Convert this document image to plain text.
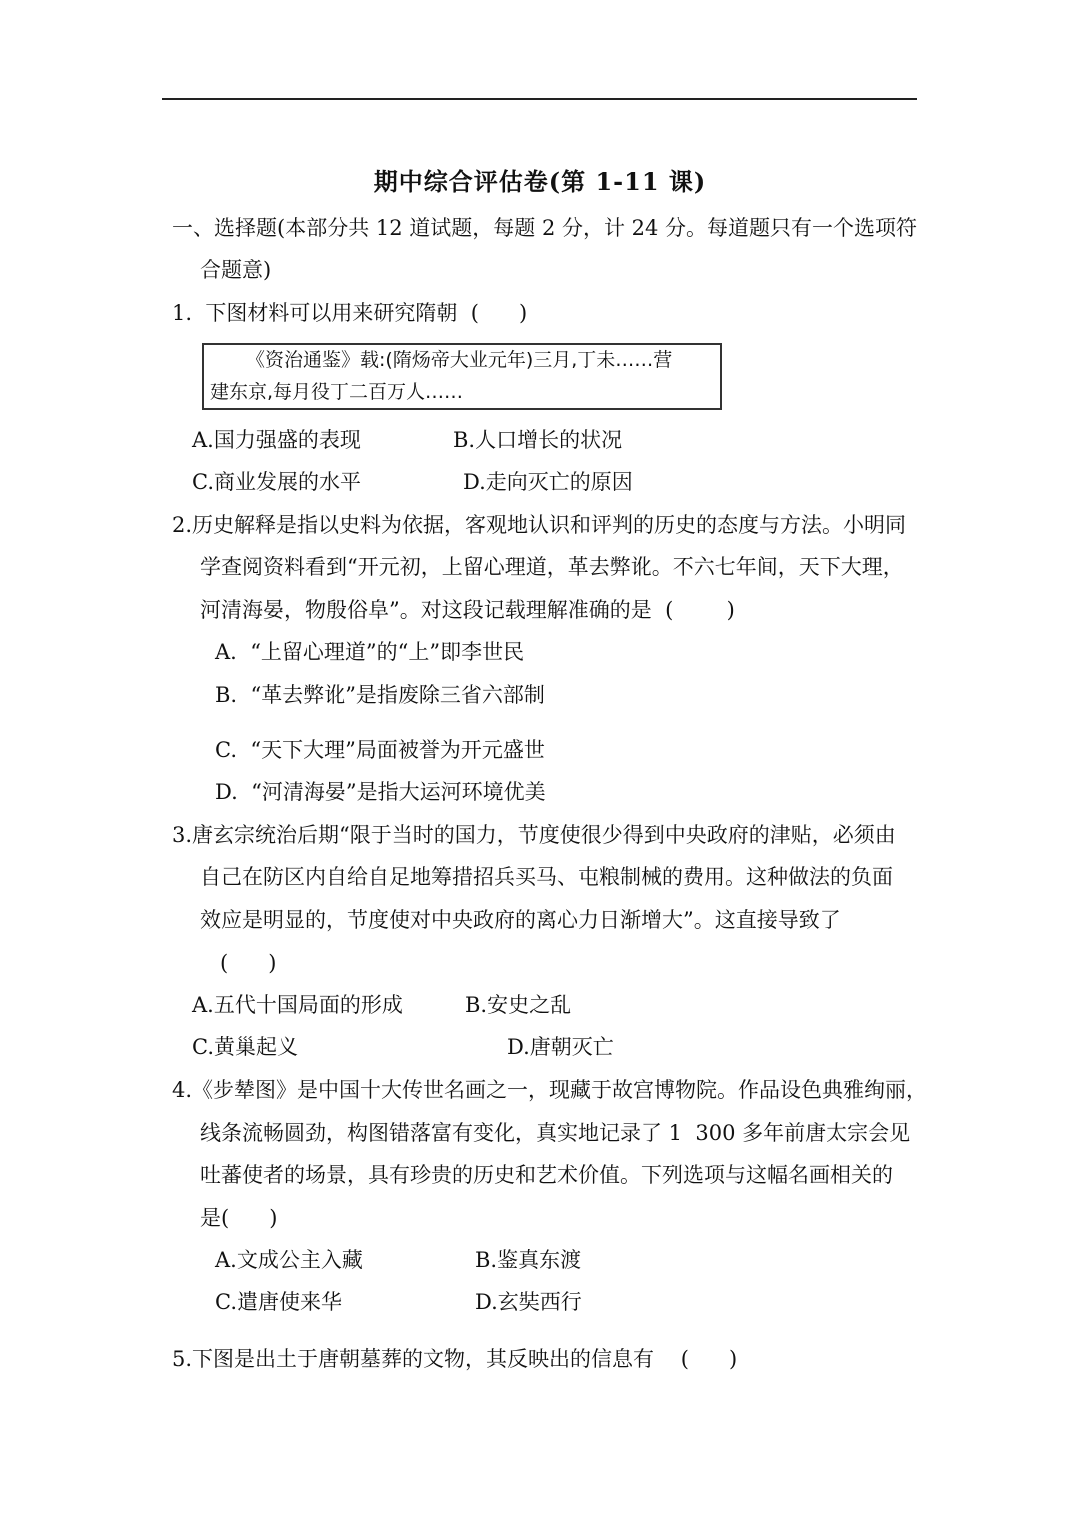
期中综合评估卷(第 1-11 课)
一、选择题(本部分共 12 道试题，每题 2 分，计 24 分。每道题只有一个选项符
合题意)
1.  下图材料可以用来研究隋朝  (      )
《资治通鉴》载:(隋炀帝大业元年)三月,丁未……营
建东京,每月役丁二百万人……
A.国力强盛的表现	B.人口增长的状况
C.商业发展的水平	D.走向灭亡的原因
2.历史解释是指以史料为依据，客观地认识和评判的历史的态度与方法。小明同
学查阅资料看到“开元初，上留心理道，革去弊讹。不六七年间，天下大理，
河清海晏，物殷俗阜”。对这段记载理解准确的是  (        )
A.  “上留心理道”的“上”即李世民
B.  “革去弊讹”是指废除三省六部制
C.  “天下大理”局面被誉为开元盛世
D.  “河清海晏”是指大运河环境优美
3.唐玄宗统治后期“限于当时的国力，节度使很少得到中央政府的津贴，必须由
自己在防区内自给自足地筹措招兵买马、屯粮制械的费用。这种做法的负面
效应是明显的，节度使对中央政府的离心力日渐增大”。这直接导致了
(      )
A.五代十国局面的形成	B.安史之乱
C.黄巢起义	D.唐朝灭亡
4.《步辇图》是中国十大传世名画之一，现藏于故宫博物院。作品设色典雅绚丽，
线条流畅圆劲，构图错落富有变化，真实地记录了 1  300 多年前唐太宗会见
吐蕃使者的场景，具有珍贵的历史和艺术价值。下列选项与这幅名画相关的
是(      )
A.文成公主入藏	B.鉴真东渡
C.遣唐使来华	D.玄奘西行
5.下图是出土于唐朝墓葬的文物，其反映出的信息有    (      )
